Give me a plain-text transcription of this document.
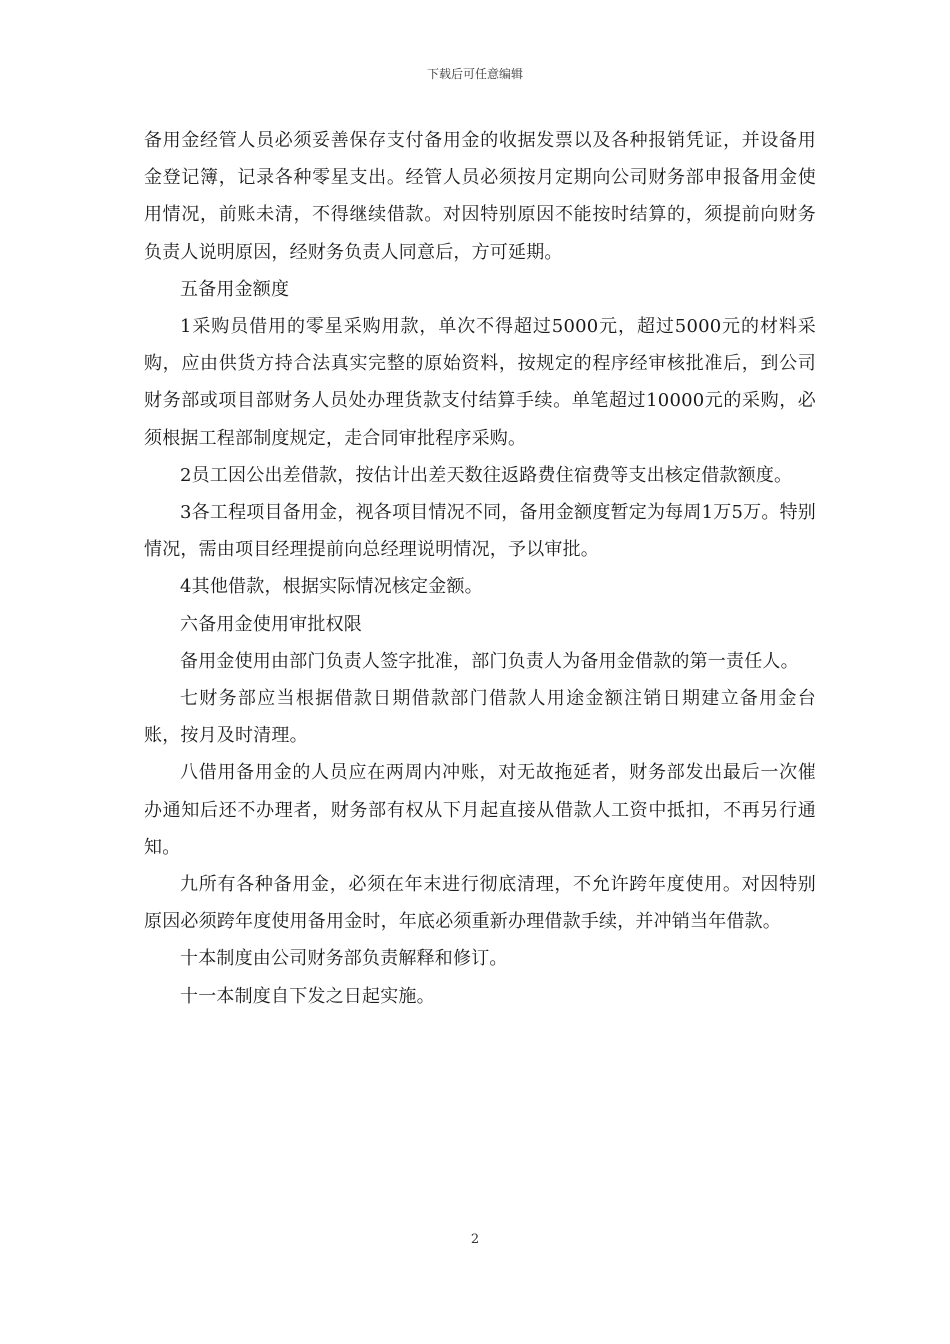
下载后可任意编辑

备用金经管人员必须妥善保存支付备用金的收据发票以及各种报销凭证，并设备用金登记簿，记录各种零星支出。经管人员必须按月定期向公司财务部申报备用金使用情况，前账未清，不得继续借款。对因特别原因不能按时结算的，须提前向财务负责人说明原因，经财务负责人同意后，方可延期。

五备用金额度

1采购员借用的零星采购用款，单次不得超过5000元，超过5000元的材料采购，应由供货方持合法真实完整的原始资料，按规定的程序经审核批准后，到公司财务部或项目部财务人员处办理货款支付结算手续。单笔超过10000元的采购，必须根据工程部制度规定，走合同审批程序采购。

2员工因公出差借款，按估计出差天数往返路费住宿费等支出核定借款额度。

3各工程项目备用金，视各项目情况不同，备用金额度暂定为每周1万5万。特别情况，需由项目经理提前向总经理说明情况，予以审批。

4其他借款，根据实际情况核定金额。

六备用金使用审批权限

备用金使用由部门负责人签字批准，部门负责人为备用金借款的第一责任人。

七财务部应当根据借款日期借款部门借款人用途金额注销日期建立备用金台账，按月及时清理。

八借用备用金的人员应在两周内冲账，对无故拖延者，财务部发出最后一次催办通知后还不办理者，财务部有权从下月起直接从借款人工资中抵扣，不再另行通知。

九所有各种备用金，必须在年末进行彻底清理，不允许跨年度使用。对因特别原因必须跨年度使用备用金时，年底必须重新办理借款手续，并冲销当年借款。

十本制度由公司财务部负责解释和修订。

十一本制度自下发之日起实施。

2
